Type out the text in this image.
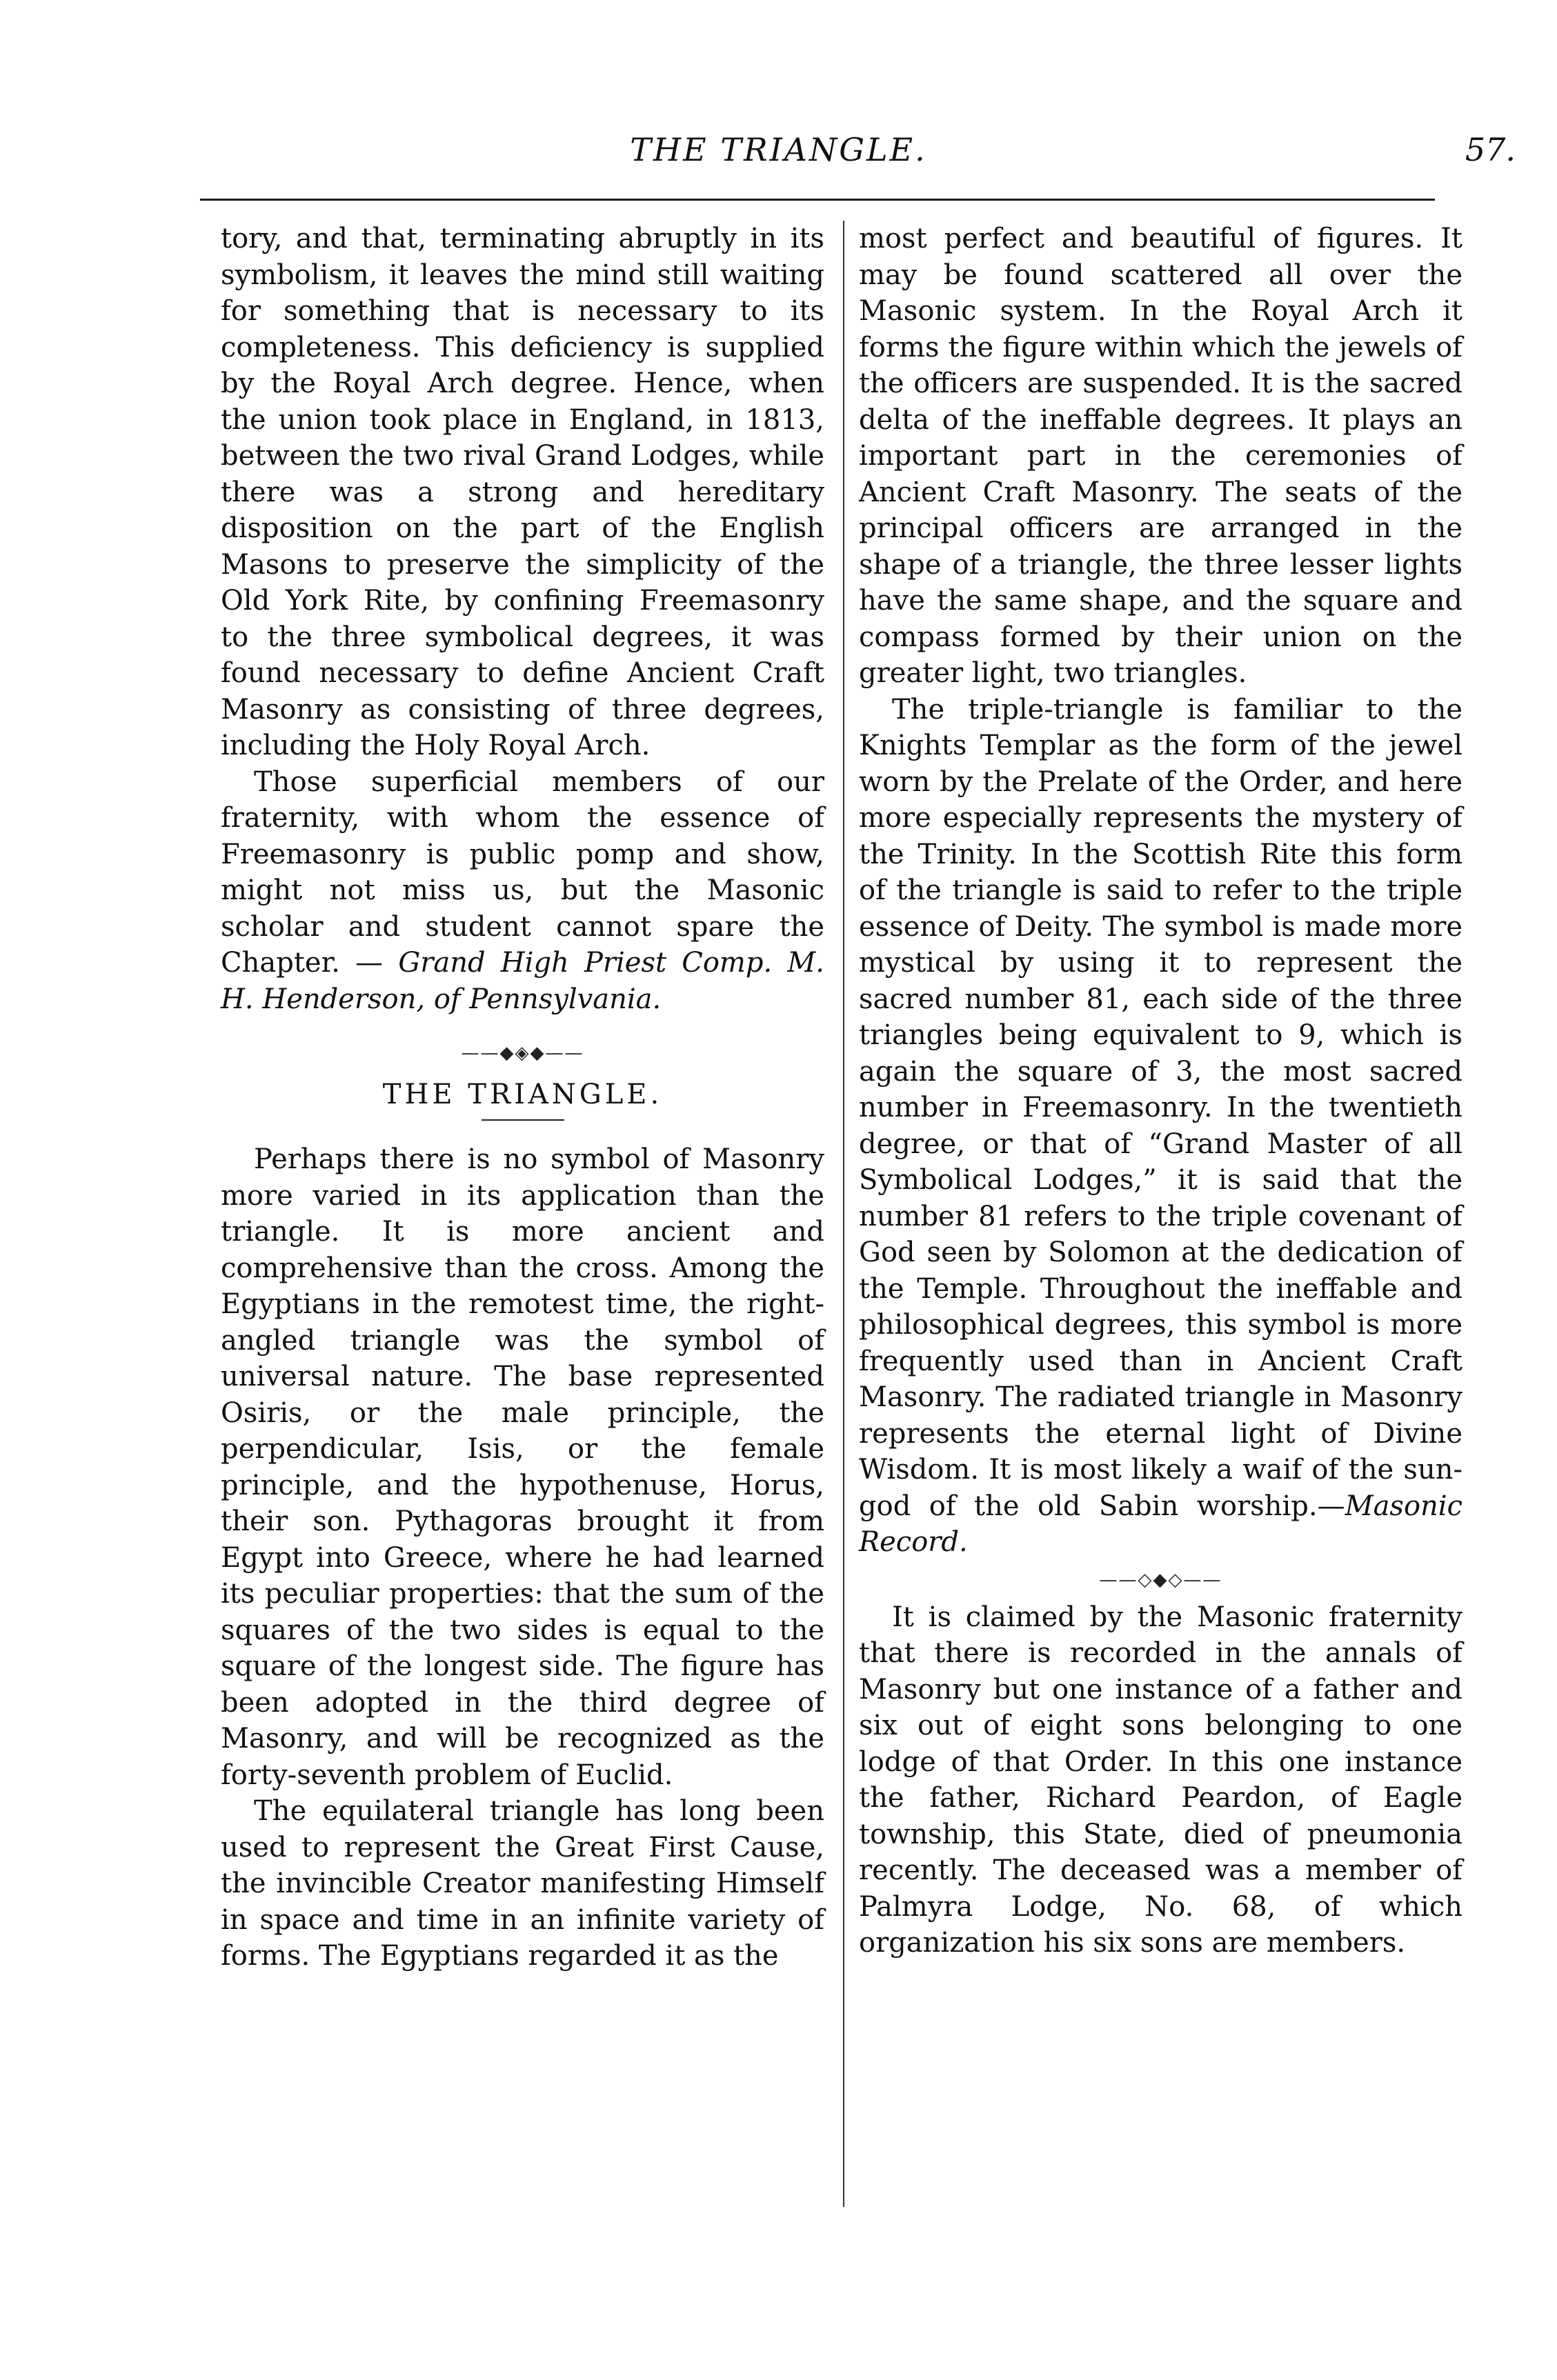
THE TRIANGLE.	57.

tory, and that, terminating abruptly in its symbolism, it leaves the mind still waiting for something that is necessary to its completeness. This deficiency is supplied by the Royal Arch degree. Hence, when the union took place in England, in 1813, between the two rival Grand Lodges, while there was a strong and hereditary disposition on the part of the English Masons to preserve the simplicity of the Old York Rite, by confining Freemasonry to the three symbolical degrees, it was found necessary to define Ancient Craft Masonry as consisting of three degrees, including the Holy Royal Arch.

Those superficial members of our fraternity, with whom the essence of Freemasonry is public pomp and show, might not miss us, but the Masonic scholar and student cannot spare the Chapter. — Grand High Priest Comp. M. H. Henderson, of Pennsylvania.

——◆◈◆——
THE TRIANGLE.

Perhaps there is no symbol of Masonry more varied in its application than the triangle. It is more ancient and comprehensive than the cross. Among the Egyptians in the remotest time, the right-angled triangle was the symbol of universal nature. The base represented Osiris, or the male principle, the perpendicular, Isis, or the female principle, and the hypothenuse, Horus, their son. Pythagoras brought it from Egypt into Greece, where he had learned its peculiar properties: that the sum of the squares of the two sides is equal to the square of the longest side. The figure has been adopted in the third degree of Masonry, and will be recognized as the forty-seventh problem of Euclid.

The equilateral triangle has long been used to represent the Great First Cause, the invincible Creator manifesting Himself in space and time in an infinite variety of forms. The Egyptians regarded it as the

most perfect and beautiful of figures. It may be found scattered all over the Masonic system. In the Royal Arch it forms the figure within which the jewels of the officers are suspended. It is the sacred delta of the ineffable degrees. It plays an important part in the ceremonies of Ancient Craft Masonry. The seats of the principal officers are arranged in the shape of a triangle, the three lesser lights have the same shape, and the square and compass formed by their union on the greater light, two triangles.

The triple-triangle is familiar to the Knights Templar as the form of the jewel worn by the Prelate of the Order, and here more especially represents the mystery of the Trinity. In the Scottish Rite this form of the triangle is said to refer to the triple essence of Deity. The symbol is made more mystical by using it to represent the sacred number 81, each side of the three triangles being equivalent to 9, which is again the square of 3, the most sacred number in Freemasonry. In the twentieth degree, or that of “Grand Master of all Symbolical Lodges,” it is said that the number 81 refers to the triple covenant of God seen by Solomon at the dedication of the Temple. Throughout the ineffable and philosophical degrees, this symbol is more frequently used than in Ancient Craft Masonry. The radiated triangle in Masonry represents the eternal light of Divine Wisdom. It is most likely a waif of the sun-god of the old Sabin worship.—Masonic Record.

——◇◆◇——

It is claimed by the Masonic fraternity that there is recorded in the annals of Masonry but one instance of a father and six out of eight sons belonging to one lodge of that Order. In this one instance the father, Richard Peardon, of Eagle township, this State, died of pneumonia recently. The deceased was a member of Palmyra Lodge, No. 68, of which organization his six sons are members.
